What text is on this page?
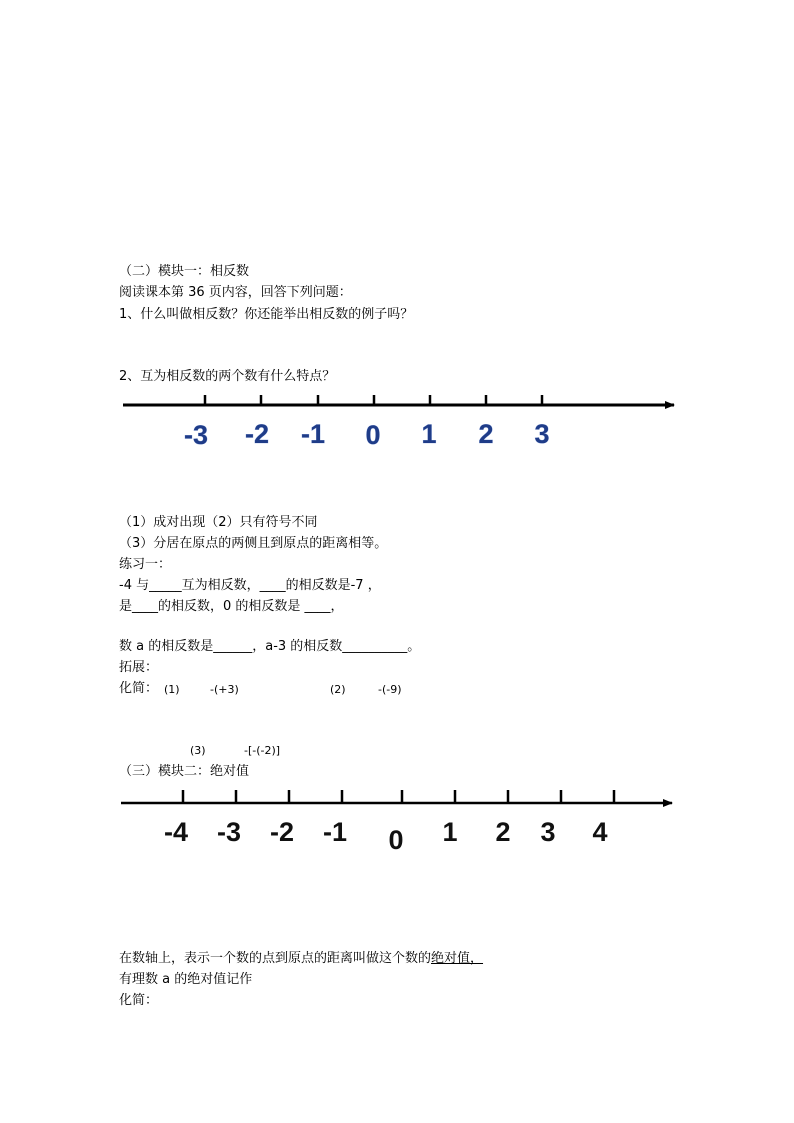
（二）模块一：相反数
阅读课本第 36 页内容，回答下列问题：
1、什么叫做相反数？你还能举出相反数的例子吗？
2、互为相反数的两个数有什么特点？
-3 -2 -1 0 1 2 3
-4 -3 -2 -1 0 1 2 3 4
（1）成对出现（2）只有符号不同
（3）分居在原点的两侧且到原点的距离相等。
练习一：
-4 与_____互为相反数，____的相反数是-7 ，
是____的相反数，0 的相反数是 ____，
数 a 的相反数是______，a-3 的相反数__________。
拓展：
化简： (1)	-(+3)	(2)	-(-9)
(3)	-[-(-2)]
（三）模块二：绝对值
在数轴上，表示一个数的点到原点的距离叫做这个数的绝对值，
有理数 a 的绝对值记作
化简：
